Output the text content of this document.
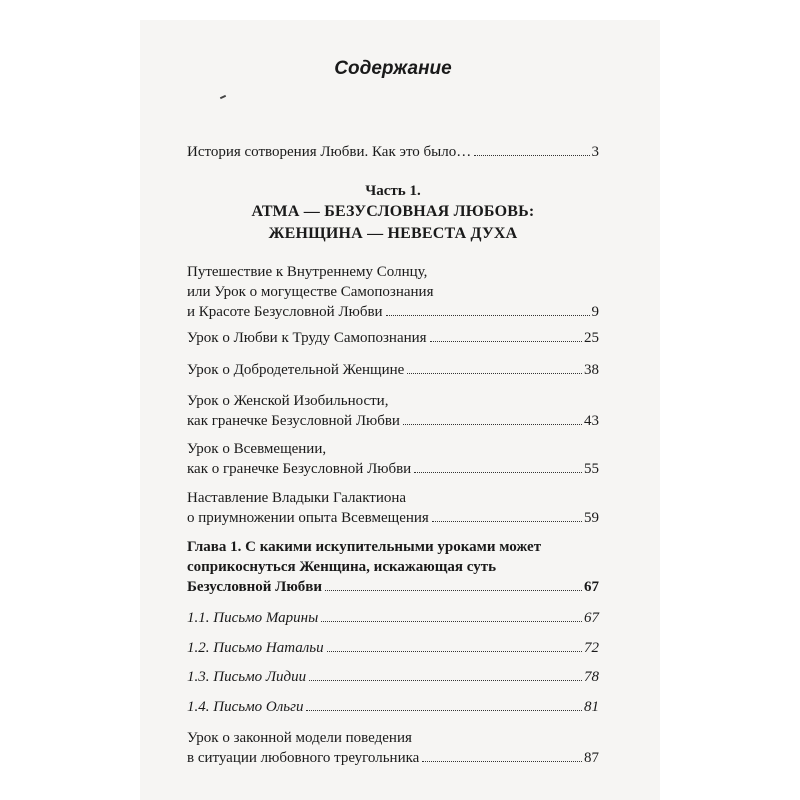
Содержание
История сотворения Любви. Как это было…	3
Часть 1.
АТМА — БЕЗУСЛОВНАЯ ЛЮБОВЬ:
ЖЕНЩИНА — НЕВЕСТА ДУХА
Путешествие к Внутреннему Солнцу,
или Урок о могуществе Самопознания
и Красоте Безусловной Любви	9
Урок о Любви к Труду Самопознания	25
Урок о Добродетельной Женщине	38
Урок о Женской Изобильности,
как гранечке Безусловной Любви	43
Урок о Всевмещении,
как о гранечке Безусловной Любви	55
Наставление Владыки Галактиона
о приумножении опыта Всевмещения	59
Глава 1. С какими искупительными уроками может
соприкоснуться Женщина, искажающая суть
Безусловной Любви	67
1.1. Письмо Марины	67
1.2. Письмо Натальи	72
1.3. Письмо Лидии	78
1.4. Письмо Ольги	81
Урок о законной модели поведения
в ситуации любовного треугольника	87
